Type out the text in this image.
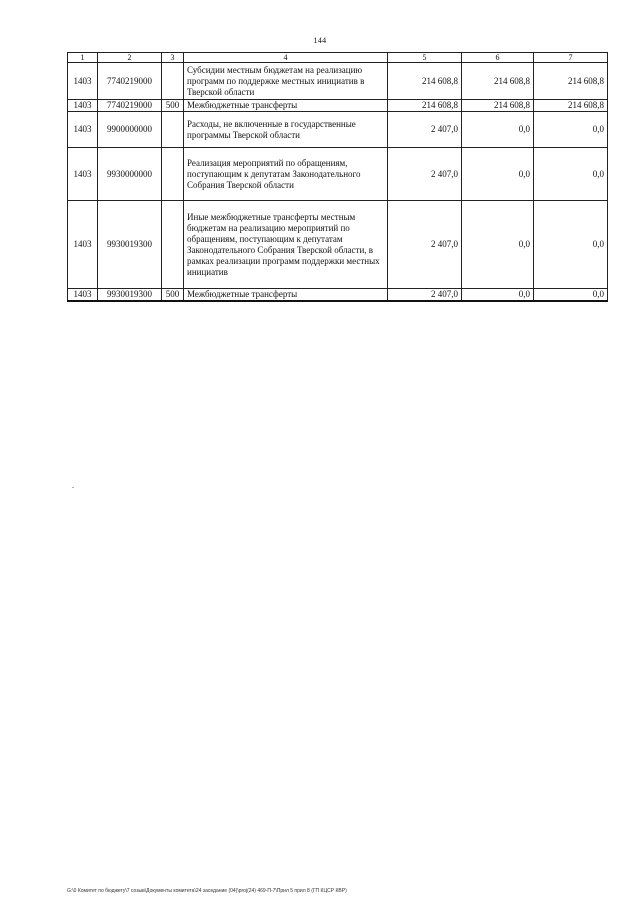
144
1	2	3	4	5	6	7
1403	7740219000		Субсидии местным бюджетам на реализацию программ по поддержке местных инициатив в Тверской области	214 608,8	214 608,8	214 608,8
1403	7740219000	500	Межбюджетные трансферты	214 608,8	214 608,8	214 608,8
1403	9900000000		Расходы, не включенные в государственные программы Тверской области	2 407,0	0,0	0,0
1403	9930000000		Реализация мероприятий по обращениям, поступающим к депутатам Законодательного Собрания Тверской области	2 407,0	0,0	0,0
1403	9930019300		Иные межбюджетные трансферты местным бюджетам на реализацию мероприятий по обращениям, поступающим к депутатам Законодательного Собрания Тверской области, в рамках реализации программ поддержки местных инициатив	2 407,0	0,0	0,0
1403	9930019300	500	Межбюджетные трансферты	2 407,0	0,0	0,0
G:\0 Комитет по бюджету\7 созыв\Документы комитета\24 заседание (04)\proj(24) 469-П-7\Прил 5 прил 8 (ГП КЦСР КВР)
